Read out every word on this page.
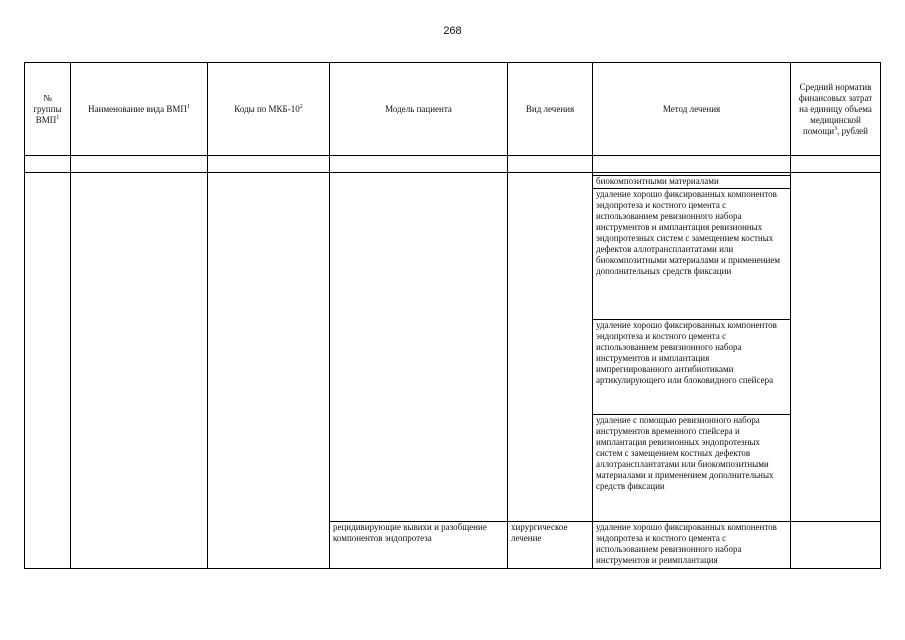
268
№ группы ВМП$^1$	Наименование вида ВМП$^1$	Коды по МКБ-$10^2$	Модель пациента	Вид лечения	Метод лечения	Средний норматив финансовых затрат на единицу объема медицинской помощи$^3$, рублей

					биокомпозитными материалами	
					удаление хорошо фиксированных компонентов эндопротеза и костного цемента с использованием ревизионного набора инструментов и имплантация ревизионных эндопротезных систем с замещением костных дефектов аллотрансплантатами или биокомпозитными материалами и применением дополнительных средств фиксации	
					удаление хорошо фиксированных компонентов эндопротеза и костного цемента с использованием ревизионного набора инструментов и имплантация импрегнированного антибиотиками артикулирующего или блоковидного спейсера	
					удаление с помощью ревизионного набора инструментов временного спейсера и имплантация ревизионных эндопротезных систем с замещением костных дефектов аллотрансплантатами или биокомпозитными материалами и применением дополнительных средств фиксации	
			рецидивирующие вывихи и разобщение компонентов эндопротеза	хирургическое лечение	удаление хорошо фиксированных компонентов эндопротеза и костного цемента с использованием ревизионного набора инструментов и реимплантация	
